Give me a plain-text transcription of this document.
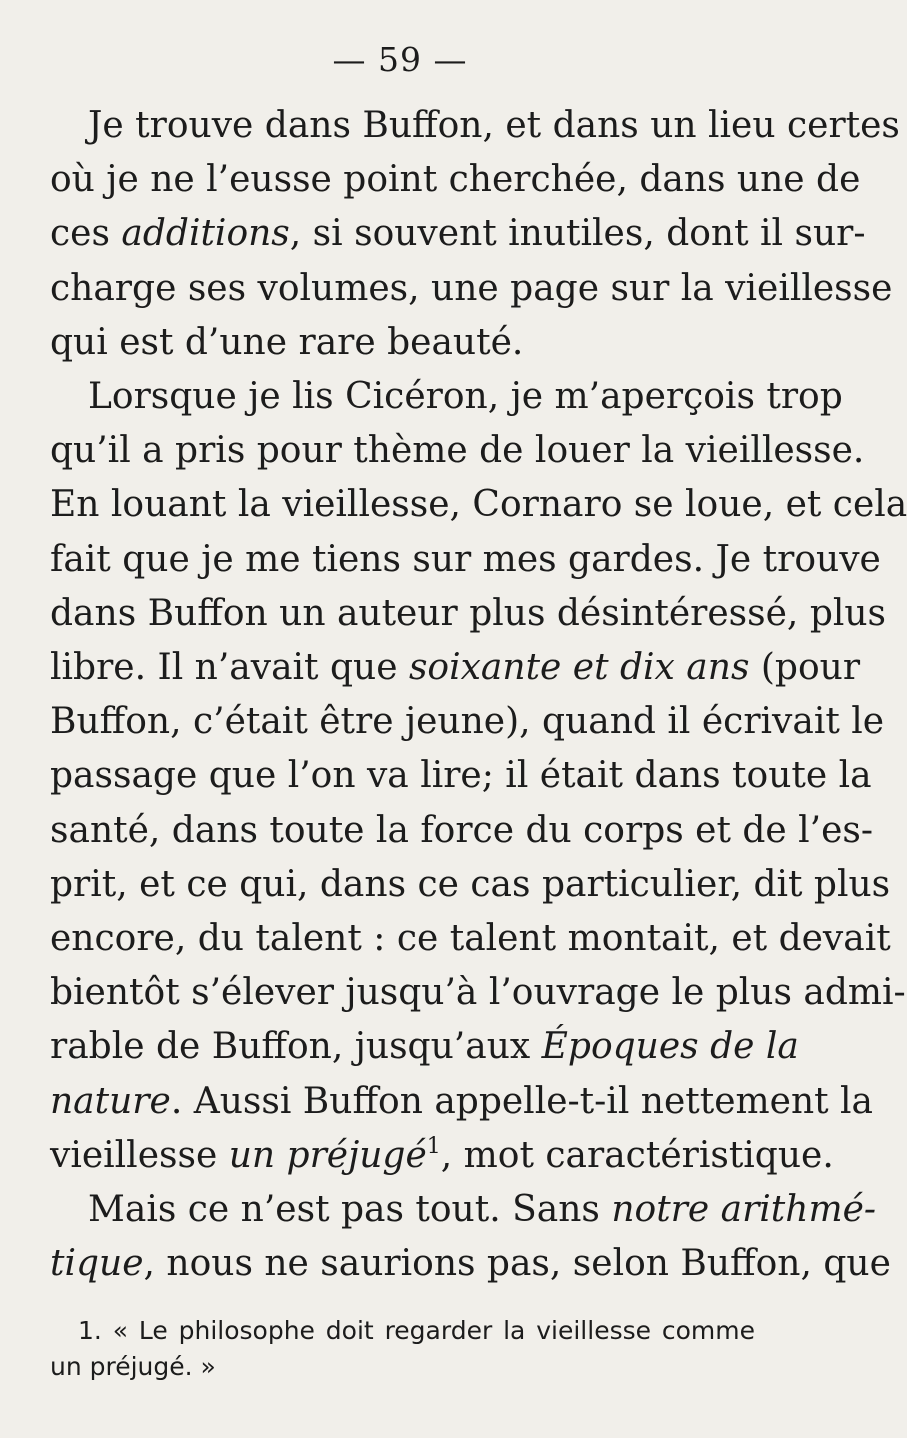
— 59 —
Je trouve dans Buffon, et dans un lieu certes
où je ne l’eusse point cherchée, dans une de
ces additions, si souvent inutiles, dont il sur-
charge ses volumes, une page sur la vieillesse
qui est d’une rare beauté.
Lorsque je lis Cicéron, je m’aperçois trop
qu’il a pris pour thème de louer la vieillesse.
En louant la vieillesse, Cornaro se loue, et cela
fait que je me tiens sur mes gardes. Je trouve
dans Buffon un auteur plus désintéressé, plus
libre. Il n’avait que soixante et dix ans (pour
Buffon, c’était être jeune), quand il écrivait le
passage que l’on va lire; il était dans toute la
santé, dans toute la force du corps et de l’es-
prit, et ce qui, dans ce cas particulier, dit plus
encore, du talent : ce talent montait, et devait
bientôt s’élever jusqu’à l’ouvrage le plus admi-
rable de Buffon, jusqu’aux Époques de la
nature. Aussi Buffon appelle-t-il nettement la
vieillesse un préjugé$^1$, mot caractéristique.
Mais ce n’est pas tout. Sans notre arithmé-
tique, nous ne saurions pas, selon Buffon, que
1. « Le philosophe doit regarder la vieillesse comme
un préjugé. »
